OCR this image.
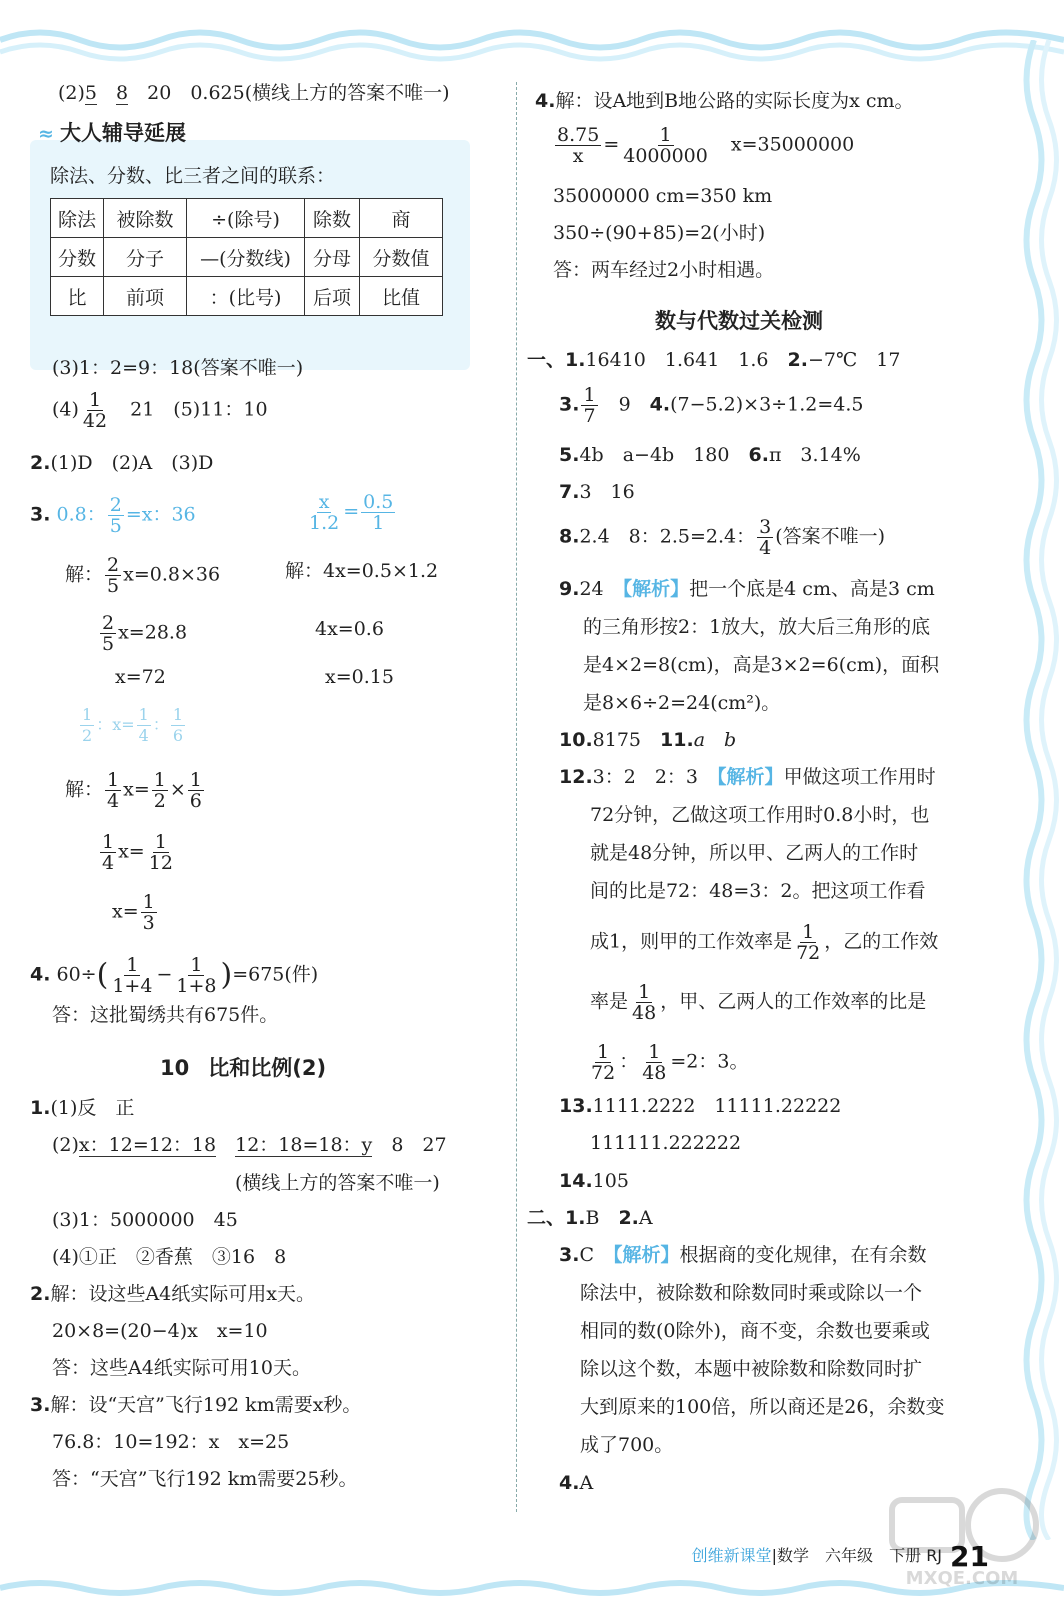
(2)5　 8　 20　0.625(横线上方的答案不唯一)
≈ 大人辅导延展
除法、分数、比三者之间的联系：
除法	被除数	÷(除号)	除数	商
分数	分子	—(分数线)	分母	分数值
比	前项	：(比号)	后项	比值
(3)1：2=9：18(答案不唯一)
$(4) \frac{1}{42}$
　 21　(5)11：10
2.(1)D　(2)A　(3)D
3. 0.8： $\frac{2}{5} =x$：36	$\frac{x}{1.2} = \frac{0.5}{1}$
解： $\frac{2}{5} x=0.8\times 36$	解：4x=0.5×1.2
$\frac{2}{5} x=28.8$	4x=0.6
x=72	x=0.15
$\frac{1}{2}$ ：$x= \frac{1}{4}$ ： $\frac{1}{6}$
解： $\frac{1}{4} x= \frac{1}{2} \times \frac{1}{6}$
$\frac{1}{4} x= \frac{1}{12}$
$x= \frac{1}{3}$
4. $60\div( \frac{1}{1+4} - \frac{1}{1+8} )=675$(件)
答：这批蜀绣共有675件。
10　 比和比例(2)
1.(1)反　正
(2)x：12=12：18　 12：18=18：y　 8　27
(横线上方的答案不唯一)
(3)1：5000000　45
(4)①正　②香蕉　③16　8
2.解：设这些A4纸实际可用x天。
20×8=(20−4)x　x=10
答：这些A4纸实际可用10天。
3.解：设“天宫”飞行192 km需要x秒。
76.8：10=192：x　x=25
答：“天宫”飞行192 km需要25秒。
4.解：设A地到B地公路的实际长度为x cm。
$\frac{8.75}{x} = \frac{1}{4000000}$
　 x=35000000
35000000 cm=350 km
350÷(90+85)=2(小时)
答：两车经过2小时相遇。
数与代数过关检测
一、1.16410　1.641　1.6　 2.−7℃　17
3. $\frac{1}{7}$
　 9　 4.(7−5.2)×3÷1.2=4.5
5.4b　a−4b　180　 6.π　3.14%
7.3　16
8.2.4　8：2.5=2.4： $\frac{3}{4}$ (答案不唯一)
9.24　 【解析】把一个底是4 cm、高是3 cm
的三角形按2：1放大，放大后三角形的底
是4×2=8(cm)，高是3×2=6(cm)，面积
是8×6÷2=24(cm²)。
10.8175　 11.a　b
12.3：2　2：3　 【解析】甲做这项工作用时
72分钟，乙做这项工作用时0.8小时，也
就是48分钟，所以甲、乙两人的工作时
间的比是72：48=3：2。把这项工作看
成1，则甲的工作效率是 $\frac{1}{72}$ ，乙的工作效
率是 $\frac{1}{48}$ ，甲、乙两人的工作效率的比是
$\frac{1}{72}$ ： $\frac{1}{48} =2$：3。
13.1111.2222　11111.22222
111111.222222
14.105
二、1.B　 2.A
3.C　 【解析】根据商的变化规律，在有余数
除法中，被除数和除数同时乘或除以一个
相同的数(0除外)，商不变，余数也要乘或
除以这个数，本题中被除数和除数同时扩
大到原来的100倍，所以商还是26，余数变
成了700。
4.A
MXQE.COM
创维新课堂|数学　 六年级　 下册 RJ 21
